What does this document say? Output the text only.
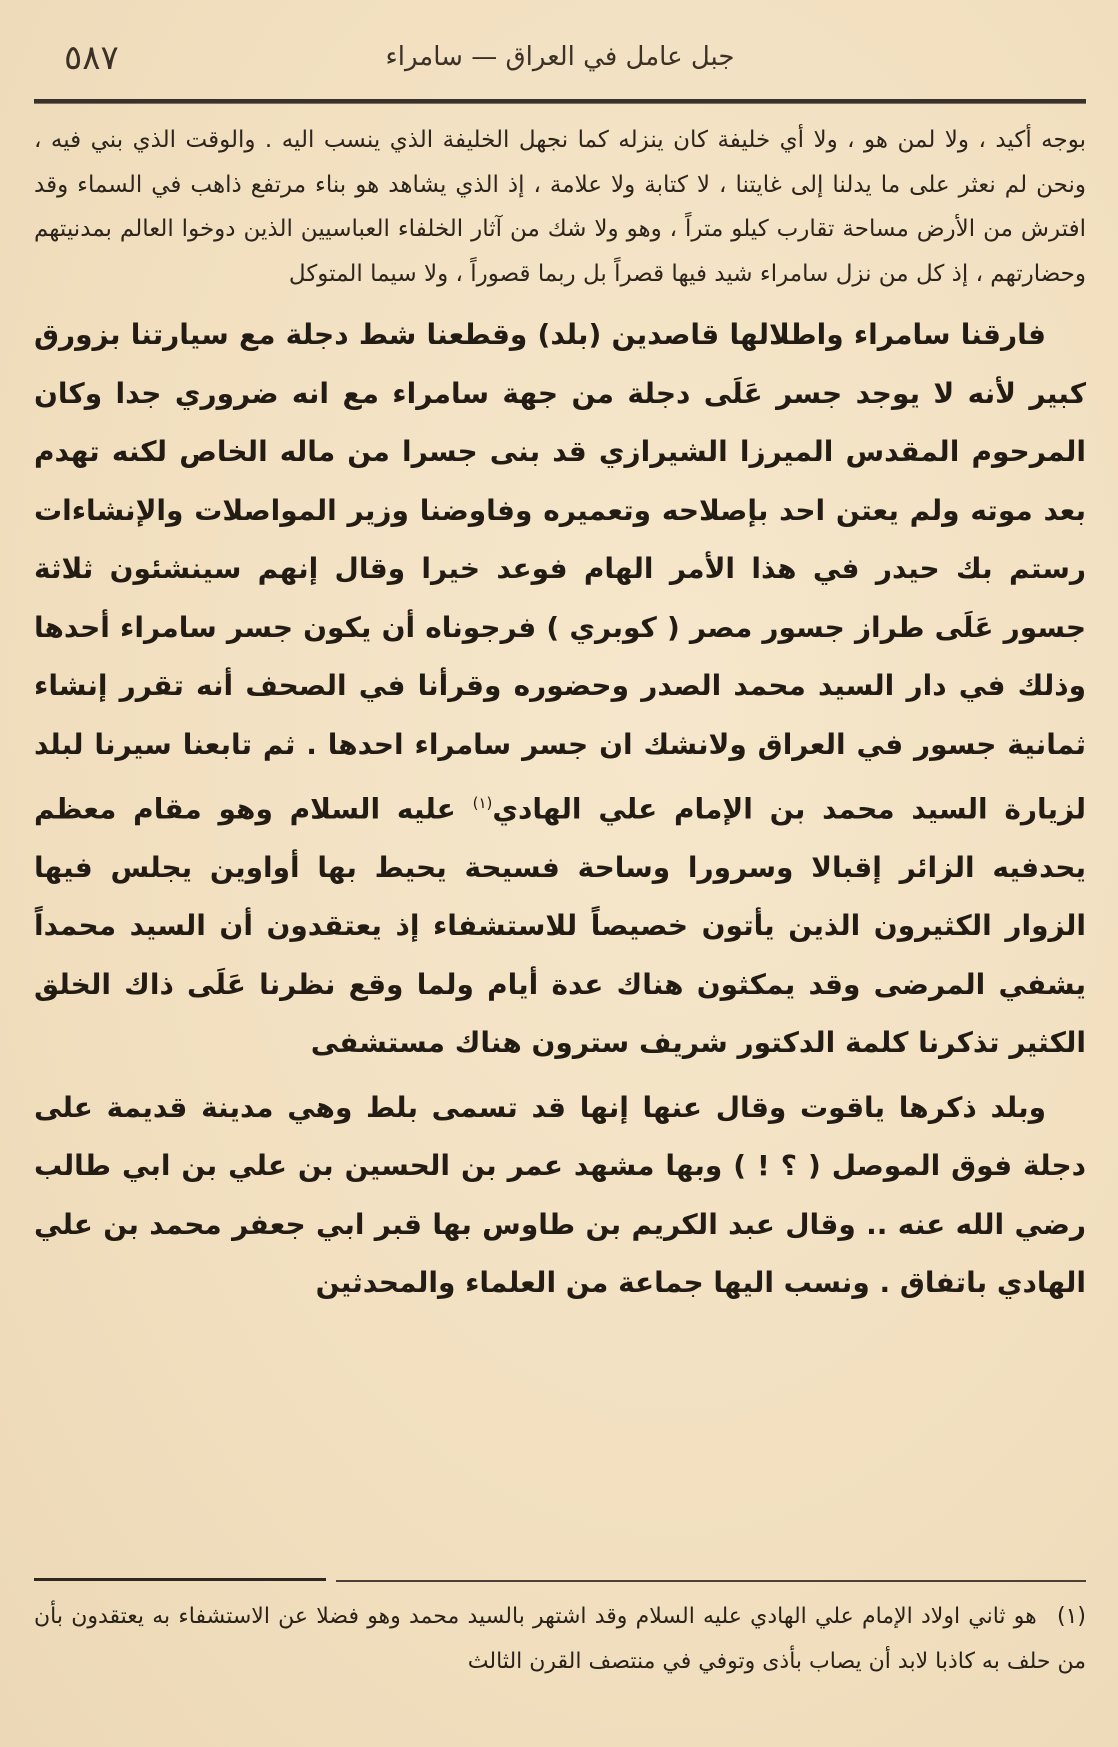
٥٨٧	جبل عامل في العراق — سامراء

بوجه أكيد ، ولا لمن هو ، ولا أي خليفة كان ينزله كما نجهل الخليفة الذي ينسب اليه . والوقت الذي بني فيه ، ونحن لم نعثر على ما يدلنا إلى غايتنا ، لا كتابة ولا علامة ، إذ الذي يشاهد هو بناء مرتفع ذاهب في السماء وقد افترش من الأرض مساحة تقارب كيلو متراً ، وهو ولا شك من آثار الخلفاء العباسيين الذين دوخوا العالم بمدنيتهم وحضارتهم ، إذ كل من نزل سامراء شيد فيها قصراً بل ربما قصوراً ، ولا سيما المتوكل

فارقنا سامراء واطلالها قاصدين (بلد) وقطعنا شط دجلة مع سيارتنا بزورق كبير لأنه لا يوجد جسر عَلَى دجلة من جهة سامراء مع انه ضروري جدا وكان المرحوم المقدس الميرزا الشيرازي قد بنى جسرا من ماله الخاص لكنه تهدم بعد موته ولم يعتن احد بإصلاحه وتعميره وفاوضنا وزير المواصلات والإنشاءات رستم بك حيدر في هذا الأمر الهام فوعد خيرا وقال إنهم سينشئون ثلاثة جسور عَلَى طراز جسور مصر ( كوبري ) فرجوناه أن يكون جسر سامراء أحدها وذلك في دار السيد محمد الصدر وحضوره وقرأنا في الصحف أنه تقرر إنشاء ثمانية جسور في العراق ولانشك ان جسر سامراء احدها . ثم تابعنا سيرنا لبلد لزيارة السيد محمد بن الإمام علي الهادي$^{(١)}$ عليه السلام وهو مقام معظم يحدفيه الزائر إقبالا وسرورا وساحة فسيحة يحيط بها أواوين يجلس فيها الزوار الكثيرون الذين يأتون خصيصاً للاستشفاء إذ يعتقدون أن السيد محمداً يشفي المرضى وقد يمكثون هناك عدة أيام ولما وقع نظرنا عَلَى ذاك الخلق الكثير تذكرنا كلمة الدكتور شريف سترون هناك مستشفى

وبلد ذكرها ياقوت وقال عنها إنها قد تسمى بلط وهي مدينة قديمة على دجلة فوق الموصل ( ؟ ! ) وبها مشهد عمر بن الحسين بن علي بن ابي طالب رضي الله عنه .. وقال عبد الكريم بن طاوس بها قبر ابي جعفر محمد بن علي الهادي باتفاق . ونسب اليها جماعة من العلماء والمحدثين

(١) هو ثاني اولاد الإمام علي الهادي عليه السلام وقد اشتهر بالسيد محمد وهو فضلا عن الاستشفاء به يعتقدون بأن من حلف به كاذبا لابد أن يصاب بأذى وتوفي في منتصف القرن الثالث
